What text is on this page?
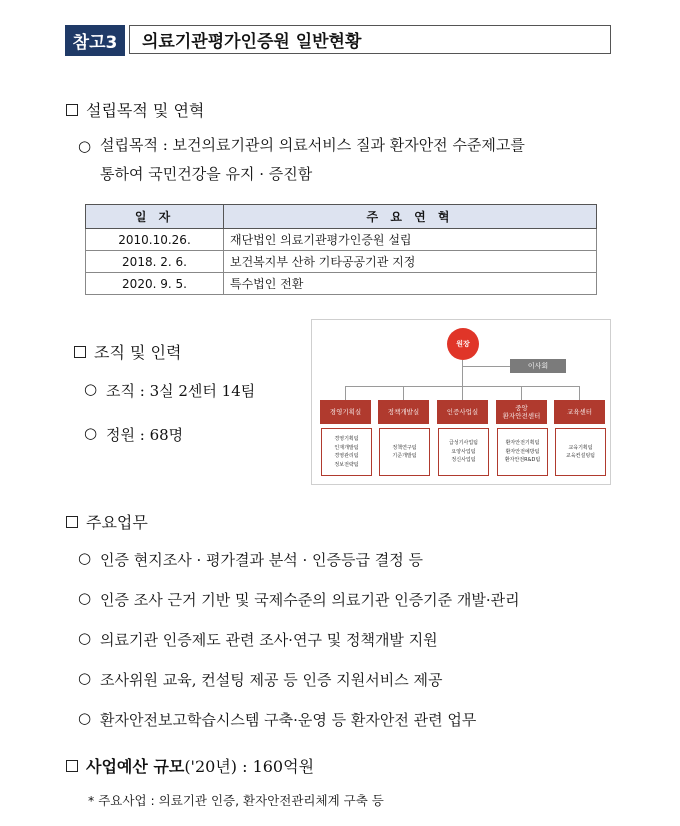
참고3	의료기관평가인증원 일반현황
설립목적 및 연혁
○ 설립목적 : 보건의료기관의 의료서비스 질과 환자안전 수준제고를
통하여 국민건강을 유지 · 증진함
일 자	주 요 연 혁
2010.10.26.	재단법인 의료기관평가인증원 설립
2018. 2. 6.	보건복지부 산하 기타공공기관 지정
2020. 9. 5.	특수법인 전환
조직 및 인력
○ 조직 : 3실 2센터 14팀
○ 정원 : 68명
원장
이사회
경영기획실	정책개발실	인증사업실	중앙
환자안전센터	교육센터
경영기획팀
인재개발팀
경영관리팀
정보전략팀
정책연구팀
기준개발팀
급성기사업팀
요양사업팀
정신사업팀
환자안전기획팀
환자안전예방팀
환자안전R&D팀
교육기획팀
교육컨설팅팀
주요업무
○ 인증 현지조사 · 평가결과 분석 · 인증등급 결정 등
○ 인증 조사 근거 기반 및 국제수준의 의료기관 인증기준 개발·관리
○ 의료기관 인증제도 관련 조사·연구 및 정책개발 지원
○ 조사위원 교육, 컨설팅 제공 등 인증 지원서비스 제공
○ 환자안전보고학습시스템 구축·운영 등 환자안전 관련 업무
사업예산 규모('20년) : 160억원
* 주요사업 : 의료기관 인증, 환자안전관리체계 구축 등
